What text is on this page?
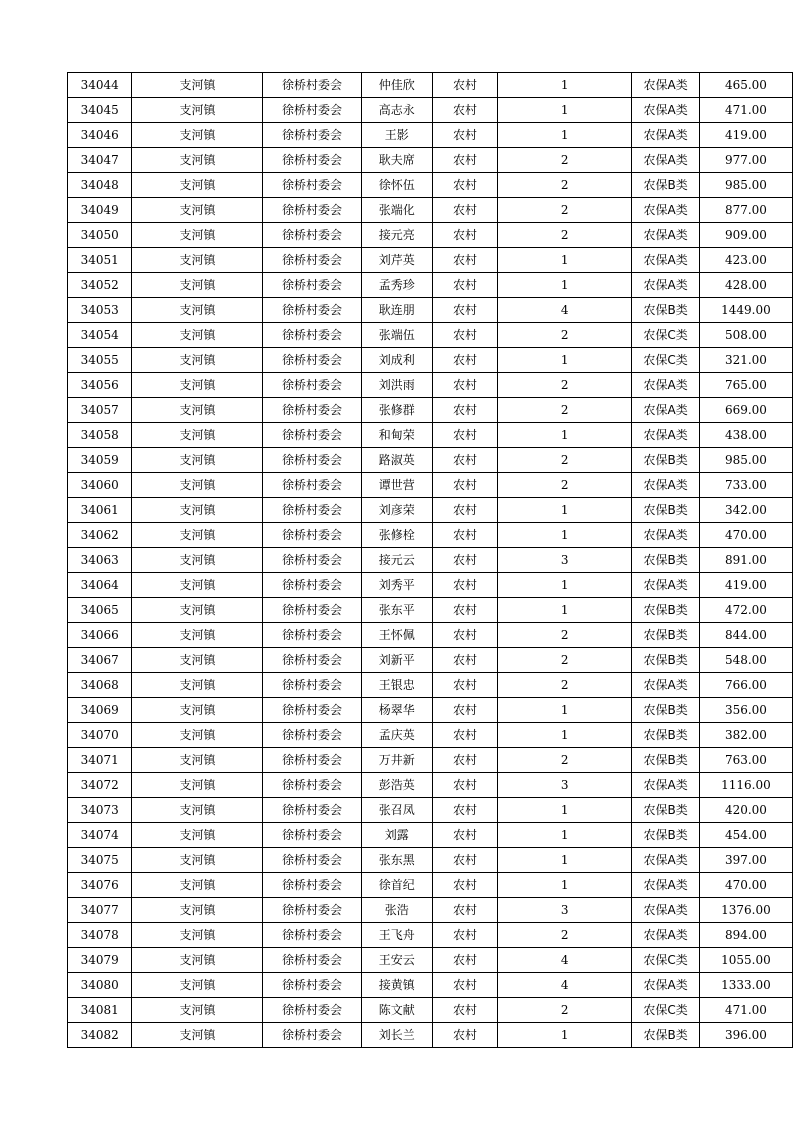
34044	支河镇	徐桥村委会	仲佳欣	农村	1	农保A类	465.00
34045	支河镇	徐桥村委会	高志永	农村	1	农保A类	471.00
34046	支河镇	徐桥村委会	王影	农村	1	农保A类	419.00
34047	支河镇	徐桥村委会	耿夫席	农村	2	农保A类	977.00
34048	支河镇	徐桥村委会	徐怀伍	农村	2	农保B类	985.00
34049	支河镇	徐桥村委会	张端化	农村	2	农保A类	877.00
34050	支河镇	徐桥村委会	接元亮	农村	2	农保A类	909.00
34051	支河镇	徐桥村委会	刘芹英	农村	1	农保A类	423.00
34052	支河镇	徐桥村委会	孟秀珍	农村	1	农保A类	428.00
34053	支河镇	徐桥村委会	耿连朋	农村	4	农保B类	1449.00
34054	支河镇	徐桥村委会	张端伍	农村	2	农保C类	508.00
34055	支河镇	徐桥村委会	刘成利	农村	1	农保C类	321.00
34056	支河镇	徐桥村委会	刘洪雨	农村	2	农保A类	765.00
34057	支河镇	徐桥村委会	张修群	农村	2	农保A类	669.00
34058	支河镇	徐桥村委会	和甸荣	农村	1	农保A类	438.00
34059	支河镇	徐桥村委会	路淑英	农村	2	农保B类	985.00
34060	支河镇	徐桥村委会	谭世营	农村	2	农保A类	733.00
34061	支河镇	徐桥村委会	刘彦荣	农村	1	农保B类	342.00
34062	支河镇	徐桥村委会	张修栓	农村	1	农保A类	470.00
34063	支河镇	徐桥村委会	接元云	农村	3	农保B类	891.00
34064	支河镇	徐桥村委会	刘秀平	农村	1	农保A类	419.00
34065	支河镇	徐桥村委会	张东平	农村	1	农保B类	472.00
34066	支河镇	徐桥村委会	王怀佩	农村	2	农保B类	844.00
34067	支河镇	徐桥村委会	刘新平	农村	2	农保B类	548.00
34068	支河镇	徐桥村委会	王银忠	农村	2	农保A类	766.00
34069	支河镇	徐桥村委会	杨翠华	农村	1	农保B类	356.00
34070	支河镇	徐桥村委会	孟庆英	农村	1	农保B类	382.00
34071	支河镇	徐桥村委会	万井新	农村	2	农保B类	763.00
34072	支河镇	徐桥村委会	彭浩英	农村	3	农保A类	1116.00
34073	支河镇	徐桥村委会	张召凤	农村	1	农保B类	420.00
34074	支河镇	徐桥村委会	刘露	农村	1	农保B类	454.00
34075	支河镇	徐桥村委会	张东黑	农村	1	农保A类	397.00
34076	支河镇	徐桥村委会	徐首纪	农村	1	农保A类	470.00
34077	支河镇	徐桥村委会	张浩	农村	3	农保A类	1376.00
34078	支河镇	徐桥村委会	王飞舟	农村	2	农保A类	894.00
34079	支河镇	徐桥村委会	王安云	农村	4	农保C类	1055.00
34080	支河镇	徐桥村委会	接黄镇	农村	4	农保A类	1333.00
34081	支河镇	徐桥村委会	陈文献	农村	2	农保C类	471.00
34082	支河镇	徐桥村委会	刘长兰	农村	1	农保B类	396.00
